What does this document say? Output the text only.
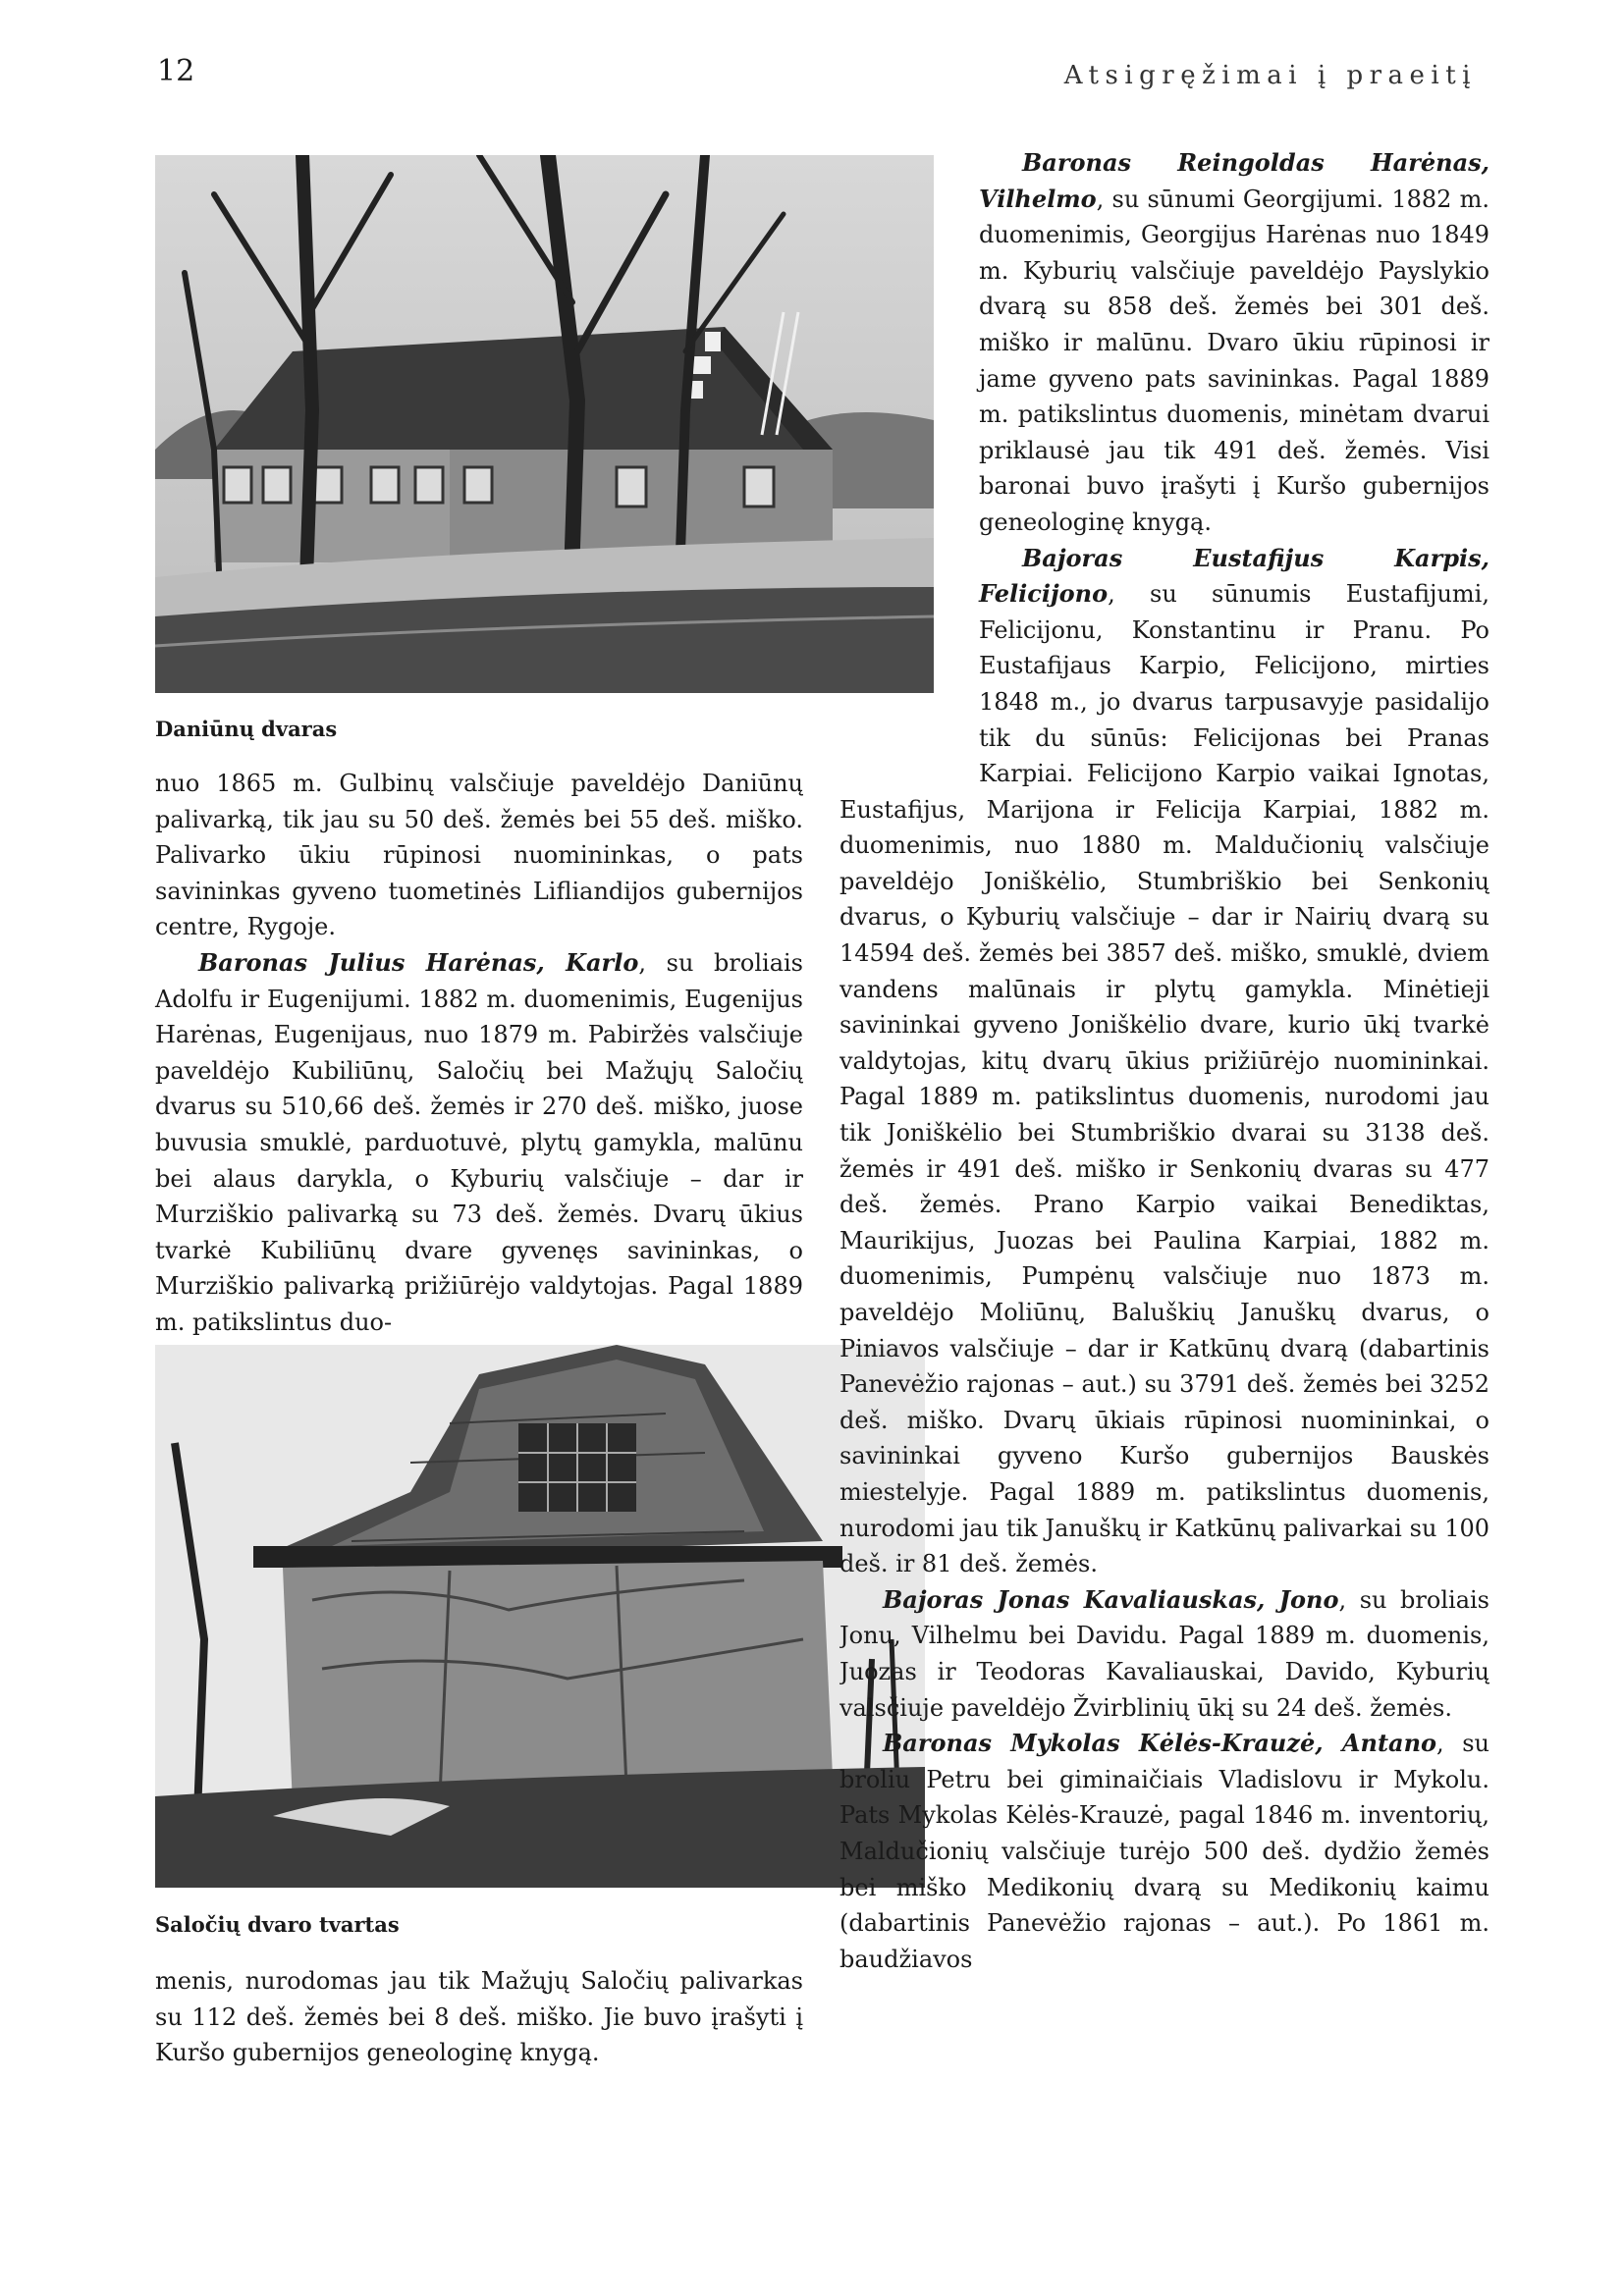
12	Atsigręžimai į praeitį
Daniūnų dvaras
Saločių dvaro tvartas

nuo 1865 m. Gulbinų valsčiuje paveldėjo Daniūnų palivarką, tik jau su 50 deš. žemės bei 55 deš. miško. Palivarko ūkiu rūpinosi nuomininkas, o pats savininkas gyveno tuometinės Lifliandijos gubernijos centre, Rygoje.

Baronas Julius Harėnas, Karlo, su broliais Adolfu ir Eugenijumi. 1882 m. duomenimis, Eugenijus Harėnas, Eugenijaus, nuo 1879 m. Pabiržės valsčiuje paveldėjo Kubiliūnų, Saločių bei Mažųjų Saločių dvarus su 510,66 deš. žemės ir 270 deš. miško, juose buvusia smuklė, parduotuvė, plytų gamykla, malūnu bei alaus darykla, o Kyburių valsčiuje – dar ir Murziškio palivarką su 73 deš. žemės. Dvarų ūkius tvarkė Kubiliūnų dvare gyvenęs savininkas, o Murziškio palivarką prižiūrėjo valdytojas. Pagal 1889 m. patikslintus duo-

menis, nurodomas jau tik Mažųjų Saločių palivarkas su 112 deš. žemės bei 8 deš. miško. Jie buvo įrašyti į Kuršo gubernijos geneologinę knygą.

Baronas Reingoldas Harėnas, Vilhelmo, su sūnumi Georgijumi. 1882 m. duomenimis, Georgijus Harėnas nuo 1849 m. Kyburių valsčiuje paveldėjo Payslykio dvarą su 858 deš. žemės bei 301 deš. miško ir malūnu. Dvaro ūkiu rūpinosi ir jame gyveno pats savininkas. Pagal 1889 m. patikslintus duomenis, minėtam dvarui priklausė jau tik 491 deš. žemės. Visi baronai buvo įrašyti į Kuršo gubernijos geneologinę knygą.

Bajoras Eustafijus Karpis, Felicijono, su sūnumis Eustafijumi, Felicijonu, Konstantinu ir Pranu. Po Eustafijaus Karpio, Felicijono, mirties 1848 m., jo dvarus tarpusavyje pasidalijo tik du sūnūs: Felicijonas bei Pranas Karpiai. Felicijono Karpio vaikai Ignotas, Eustafijus, Marijona ir Felicija Karpiai, 1882 m. duomenimis, nuo 1880 m. Maldučionių valsčiuje paveldėjo Joniškėlio, Stumbriškio bei Senkonių dvarus, o Kyburių valsčiuje – dar ir Nairių dvarą su 14594 deš. žemės bei 3857 deš. miško, smuklė, dviem vandens malūnais ir plytų gamykla. Minėtieji savininkai gyveno Joniškėlio dvare, kurio ūkį tvarkė valdytojas, kitų dvarų ūkius prižiūrėjo nuomininkai. Pagal 1889 m. patikslintus duomenis, nurodomi jau tik Joniškėlio bei Stumbriškio dvarai su 3138 deš. žemės ir 491 deš. miško ir Senkonių dvaras su 477 deš. žemės. Prano Karpio vaikai Benediktas, Maurikijus, Juozas bei Paulina Karpiai, 1882 m. duomenimis, Pumpėnų valsčiuje nuo 1873 m. paveldėjo Moliūnų, Baluškių Januškų dvarus, o Piniavos valsčiuje – dar ir Katkūnų dvarą (dabartinis Panevėžio rajonas – aut.) su 3791 deš. žemės bei 3252 deš. miško. Dvarų ūkiais rūpinosi nuomininkai, o savininkai gyveno Kuršo gubernijos Bauskės miestelyje. Pagal 1889 m. patikslintus duomenis, nurodomi jau tik Januškų ir Katkūnų palivarkai su 100 deš. ir 81 deš. žemės.

Bajoras Jonas Kavaliauskas, Jono, su broliais Jonu, Vilhelmu bei Davidu. Pagal 1889 m. duomenis, Juozas ir Teodoras Kavaliauskai, Davido, Kyburių valsčiuje paveldėjo Žvirblinių ūkį su 24 deš. žemės.

Baronas Mykolas Kėlės-Krauzė, Antano, su broliu Petru bei giminaičiais Vladislovu ir Mykolu. Pats Mykolas Kėlės-Krauzė, pagal 1846 m. inventorių, Maldučionių valsčiuje turėjo 500 deš. dydžio žemės bei miško Medikonių dvarą su Medikonių kaimu (dabartinis Panevėžio rajonas – aut.). Po 1861 m. baudžiavos
